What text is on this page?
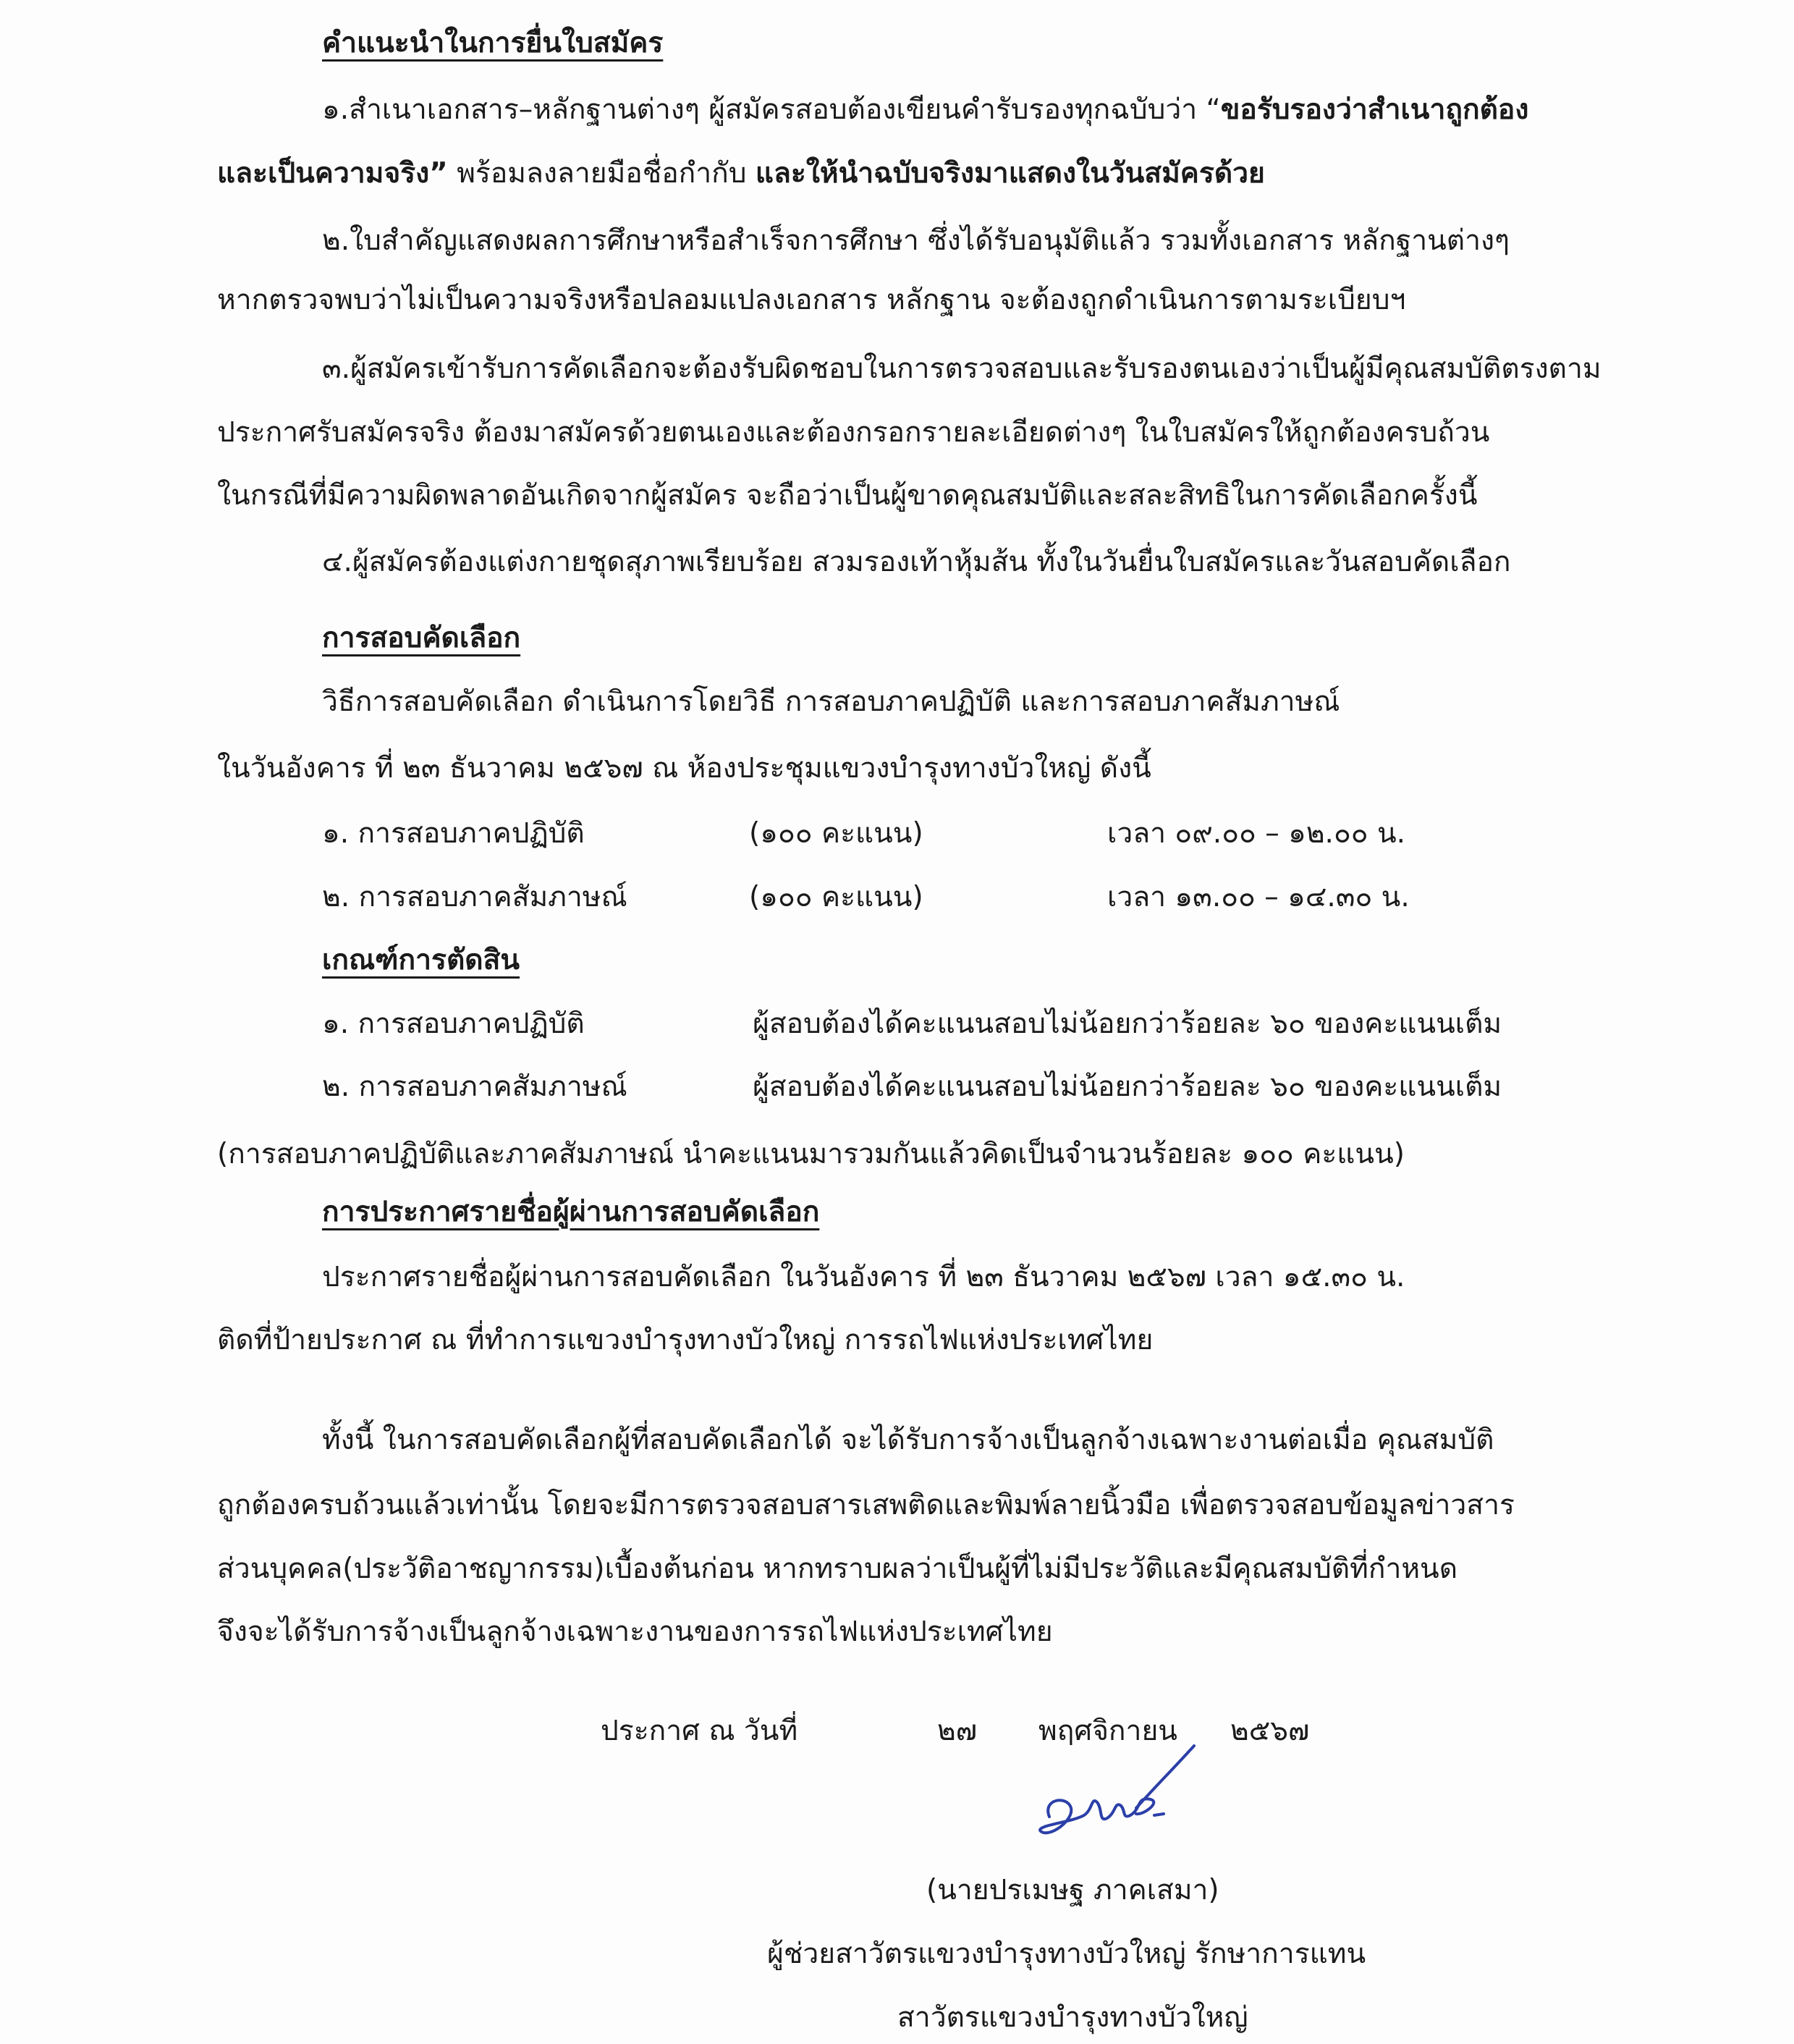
คำแนะนำในการยื่นใบสมัคร
๑.สำเนาเอกสาร–หลักฐานต่างๆ ผู้สมัครสอบต้องเขียนคำรับรองทุกฉบับว่า “ขอรับรองว่าสำเนาถูกต้อง
และเป็นความจริง” พร้อมลงลายมือชื่อกำกับ และให้นำฉบับจริงมาแสดงในวันสมัครด้วย
๒.ใบสำคัญแสดงผลการศึกษาหรือสำเร็จการศึกษา ซึ่งได้รับอนุมัติแล้ว รวมทั้งเอกสาร หลักฐานต่างๆ
หากตรวจพบว่าไม่เป็นความจริงหรือปลอมแปลงเอกสาร หลักฐาน จะต้องถูกดำเนินการตามระเบียบฯ
๓.ผู้สมัครเข้ารับการคัดเลือกจะต้องรับผิดชอบในการตรวจสอบและรับรองตนเองว่าเป็นผู้มีคุณสมบัติตรงตาม
ประกาศรับสมัครจริง ต้องมาสมัครด้วยตนเองและต้องกรอกรายละเอียดต่างๆ ในใบสมัครให้ถูกต้องครบถ้วน
ในกรณีที่มีความผิดพลาดอันเกิดจากผู้สมัคร จะถือว่าเป็นผู้ขาดคุณสมบัติและสละสิทธิในการคัดเลือกครั้งนี้
๔.ผู้สมัครต้องแต่งกายชุดสุภาพเรียบร้อย สวมรองเท้าหุ้มส้น ทั้งในวันยื่นใบสมัครและวันสอบคัดเลือก
การสอบคัดเลือก
วิธีการสอบคัดเลือก ดำเนินการโดยวิธี การสอบภาคปฏิบัติ และการสอบภาคสัมภาษณ์
ในวันอังคาร ที่ ๒๓ ธันวาคม ๒๕๖๗ ณ ห้องประชุมแขวงบำรุงทางบัวใหญ่ ดังนี้
๑. การสอบภาคปฏิบัติ	(๑๐๐ คะแนน)	เวลา ๐๙.๐๐ – ๑๒.๐๐ น.
๒. การสอบภาคสัมภาษณ์	(๑๐๐ คะแนน)	เวลา ๑๓.๐๐ – ๑๔.๓๐ น.
เกณฑ์การตัดสิน
๑. การสอบภาคปฏิบัติ	ผู้สอบต้องได้คะแนนสอบไม่น้อยกว่าร้อยละ ๖๐ ของคะแนนเต็ม
๒. การสอบภาคสัมภาษณ์	ผู้สอบต้องได้คะแนนสอบไม่น้อยกว่าร้อยละ ๖๐ ของคะแนนเต็ม
(การสอบภาคปฏิบัติและภาคสัมภาษณ์ นำคะแนนมารวมกันแล้วคิดเป็นจำนวนร้อยละ ๑๐๐ คะแนน)
การประกาศรายชื่อผู้ผ่านการสอบคัดเลือก
ประกาศรายชื่อผู้ผ่านการสอบคัดเลือก ในวันอังคาร ที่ ๒๓ ธันวาคม ๒๕๖๗ เวลา ๑๕.๓๐ น.
ติดที่ป้ายประกาศ ณ ที่ทำการแขวงบำรุงทางบัวใหญ่ การรถไฟแห่งประเทศไทย
ทั้งนี้ ในการสอบคัดเลือกผู้ที่สอบคัดเลือกได้ จะได้รับการจ้างเป็นลูกจ้างเฉพาะงานต่อเมื่อ คุณสมบัติ
ถูกต้องครบถ้วนแล้วเท่านั้น โดยจะมีการตรวจสอบสารเสพติดและพิมพ์ลายนิ้วมือ เพื่อตรวจสอบข้อมูลข่าวสาร
ส่วนบุคคล(ประวัติอาชญากรรม)เบื้องต้นก่อน หากทราบผลว่าเป็นผู้ที่ไม่มีประวัติและมีคุณสมบัติที่กำหนด
จึงจะได้รับการจ้างเป็นลูกจ้างเฉพาะงานของการรถไฟแห่งประเทศไทย
ประกาศ ณ วันที่	๒๗ พฤศจิกายน ๒๕๖๗
(นายปรเมษฐ ภาคเสมา)
ผู้ช่วยสาวัตรแขวงบำรุงทางบัวใหญ่ รักษาการแทน
สาวัตรแขวงบำรุงทางบัวใหญ่
